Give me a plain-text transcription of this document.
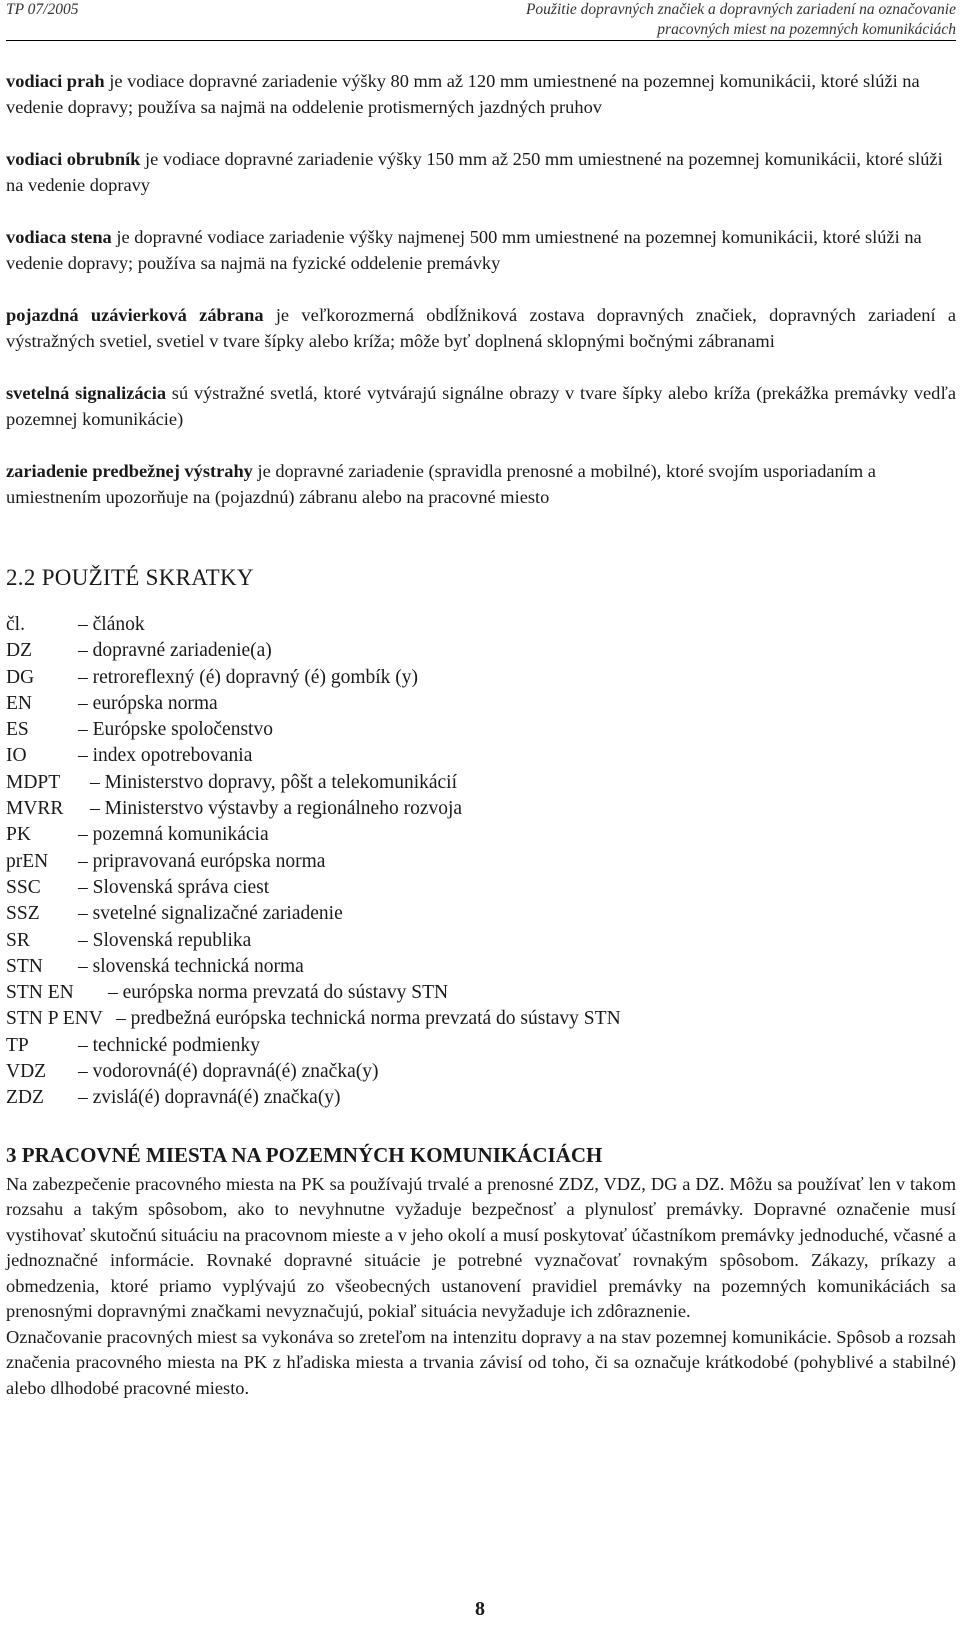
TP 07/2005	Použitie dopravných značiek a dopravných zariadení na označovanie
pracovných miest na pozemných komunikáciách

vodiaci prah je vodiace dopravné zariadenie výšky 80 mm až 120 mm umiestnené na pozemnej komunikácii, ktoré slúži na vedenie dopravy; používa sa najmä na oddelenie protismerných jazdných pruhov

vodiaci obrubník je vodiace dopravné zariadenie výšky 150 mm až 250 mm umiestnené na pozemnej komunikácii, ktoré slúži na vedenie dopravy

vodiaca stena je dopravné vodiace zariadenie výšky najmenej 500 mm umiestnené na pozemnej komunikácii, ktoré slúži na vedenie dopravy; používa sa najmä na fyzické oddelenie premávky

pojazdná uzávierková zábrana je veľkorozmerná obdĺžniková zostava dopravných značiek, dopravných zariadení a výstražných svetiel, svetiel v tvare šípky alebo kríža; môže byť doplnená sklopnými bočnými zábranami

svetelná signalizácia sú výstražné svetlá, ktoré vytvárajú signálne obrazy v tvare šípky alebo kríža (prekážka premávky vedľa pozemnej komunikácie)

zariadenie predbežnej výstrahy je dopravné zariadenie (spravidla prenosné a mobilné), ktoré svojím usporiadaním a umiestnením upozorňuje na (pojazdnú) zábranu alebo na pracovné miesto

2.2 POUŽITÉ SKRATKY
čl.	– článok
DZ – dopravné zariadenie(a)
DG – retroreflexný (é) dopravný (é) gombík (y)
EN – európska norma
ES	– Európske spoločenstvo
IO	– index opotrebovania
MDPT – Ministerstvo dopravy, pôšt a telekomunikácií
MVRR – Ministerstvo výstavby a regionálneho rozvoja
PK – pozemná komunikácia
prEN – pripravovaná európska norma
SSC – Slovenská správa ciest
SSZ – svetelné signalizačné zariadenie
SR – Slovenská republika
STN – slovenská technická norma
STN EN – európska norma prevzatá do sústavy STN
STN P ENV – predbežná európska technická norma prevzatá do sústavy STN
TP	– technické podmienky
VDZ – vodorovná(é) dopravná(é) značka(y)
ZDZ – zvislá(é) dopravná(é) značka(y)
3 PRACOVNÉ MIESTA NA POZEMNÝCH KOMUNIKÁCIÁCH

Na zabezpečenie pracovného miesta na PK sa používajú trvalé a prenosné ZDZ, VDZ, DG a DZ. Môžu sa používať len v takom rozsahu a takým spôsobom, ako to nevyhnutne vyžaduje bezpečnosť a plynulosť premávky. Dopravné označenie musí vystihovať skutočnú situáciu na pracovnom mieste a v jeho okolí a musí poskytovať účastníkom premávky jednoduché, včasné a jednoznačné informácie. Rovnaké dopravné situácie je potrebné vyznačovať rovnakým spôsobom. Zákazy, príkazy a obmedzenia, ktoré priamo vyplývajú zo všeobecných ustanovení pravidiel premávky na pozemných komunikáciách sa prenosnými dopravnými značkami nevyznačujú, pokiaľ situácia nevyžaduje ich zdôraznenie.

Označovanie pracovných miest sa vykonáva so zreteľom na intenzitu dopravy a na stav pozemnej komunikácie. Spôsob a rozsah značenia pracovného miesta na PK z hľadiska miesta a trvania závisí od toho, či sa označuje krátkodobé (pohyblivé a stabilné) alebo dlhodobé pracovné miesto.

8
